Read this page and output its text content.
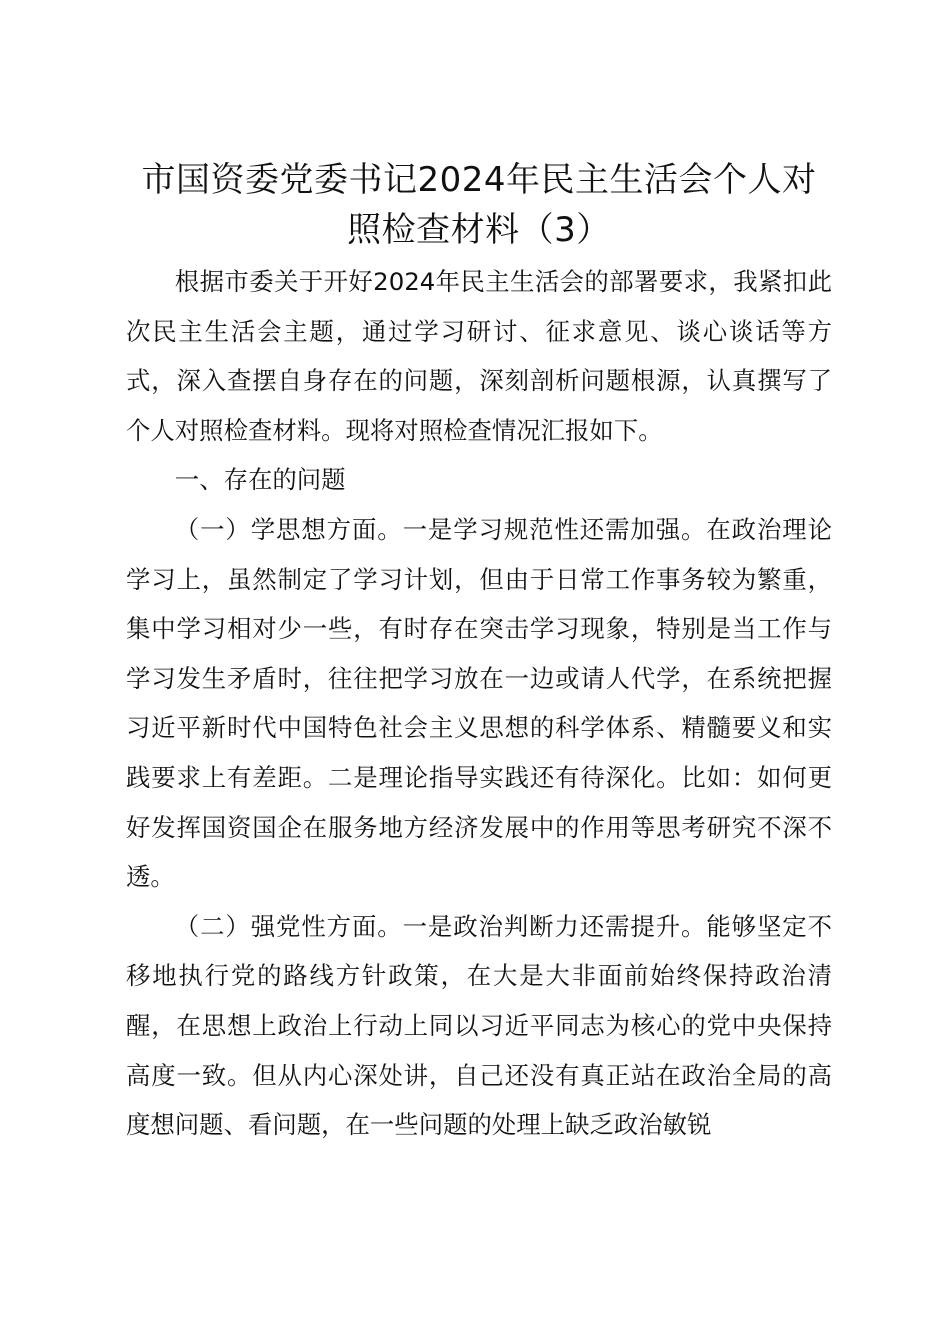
市国资委党委书记2024年民主生活会个人对照检查材料（3）

根据市委关于开好2024年民主生活会的部署要求，我紧扣此次民主生活会主题，通过学习研讨、征求意见、谈心谈话等方式，深入查摆自身存在的问题，深刻剖析问题根源，认真撰写了个人对照检查材料。现将对照检查情况汇报如下。

一、存在的问题

（一）学思想方面。一是学习规范性还需加强。在政治理论学习上，虽然制定了学习计划，但由于日常工作事务较为繁重，集中学习相对少一些，有时存在突击学习现象，特别是当工作与学习发生矛盾时，往往把学习放在一边或请人代学，在系统把握习近平新时代中国特色社会主义思想的科学体系、精髓要义和实践要求上有差距。二是理论指导实践还有待深化。比如：如何更好发挥国资国企在服务地方经济发展中的作用等思考研究不深不透。

（二）强党性方面。一是政治判断力还需提升。能够坚定不移地执行党的路线方针政策，在大是大非面前始终保持政治清醒，在思想上政治上行动上同以习近平同志为核心的党中央保持高度一致。但从内心深处讲，自己还没有真正站在政治全局的高度想问题、看问题，在一些问题的处理上缺乏政治敏锐
